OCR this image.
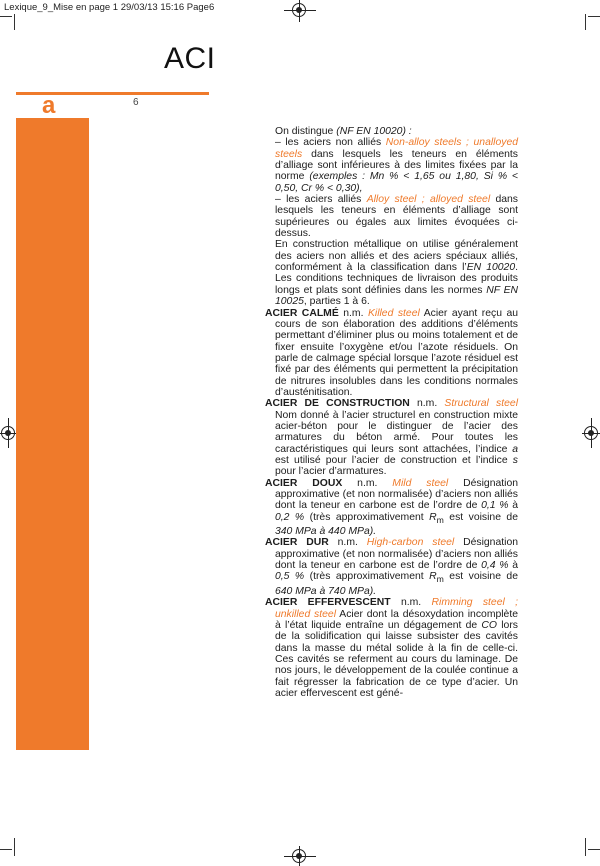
Lexique_9_Mise en page 1 29/03/13 15:16 Page6
ACI
a	6

On distingue (NF EN 10020) :

– les aciers non alliés Non-alloy steels ; unalloyed steels dans lesquels les teneurs en éléments d’alliage sont inférieures à des limites fixées par la norme (exemples : Mn % < 1,65 ou 1,80, Si % < 0,50, Cr % < 0,30),

– les aciers alliés Alloy steel ; alloyed steel dans lesquels les teneurs en éléments d’alliage sont supérieures ou égales aux limites évoquées ci-dessus.

En construction métallique on utilise généralement des aciers non alliés et des aciers spéciaux alliés, conformément à la classification dans l’EN 10020. Les conditions techniques de livraison des produits longs et plats sont définies dans les normes NF EN 10025, parties 1 à 6.

ACIER CALMÉ n.m. Killed steel Acier ayant reçu au cours de son élaboration des additions d’éléments permettant d’éliminer plus ou moins totalement et de fixer ensuite l’oxygène et/ou l’azote résiduels. On parle de calmage spécial lorsque l’azote résiduel est fixé par des éléments qui permettent la précipitation de nitrures insolubles dans les conditions normales d’austénitisation.

ACIER DE CONSTRUCTION n.m. Structural steel Nom donné à l’acier structurel en construction mixte acier-béton pour le distinguer de l’acier des armatures du béton armé. Pour toutes les caractéristiques qui leurs sont attachées, l’indice a est utilisé pour l’acier de construction et l’indice s pour l’acier d’armatures.

ACIER DOUX n.m. Mild steel Désignation approximative (et non normalisée) d’aciers non alliés dont la teneur en carbone est de l’ordre de 0,1 % à 0,2 % (très approximativement $R_m$ est voisine de 340 MPa à 440 MPa).

ACIER DUR n.m. High-carbon steel Désignation approximative (et non normalisée) d’aciers non alliés dont la teneur en carbone est de l’ordre de 0,4 % à 0,5 % (très approximativement $R_m$ est voisine de 640 MPa à 740 MPa).

ACIER EFFERVESCENT n.m. Rimming steel ; unkilled steel Acier dont la désoxydation incomplète à l’état liquide entraîne un dégagement de CO lors de la solidification qui laisse subsister des cavités dans la masse du métal solide à la fin de celle-ci. Ces cavités se referment au cours du laminage. De nos jours, le développement de la coulée continue a fait régresser la fabrication de ce type d’acier. Un acier effervescent est géné-
